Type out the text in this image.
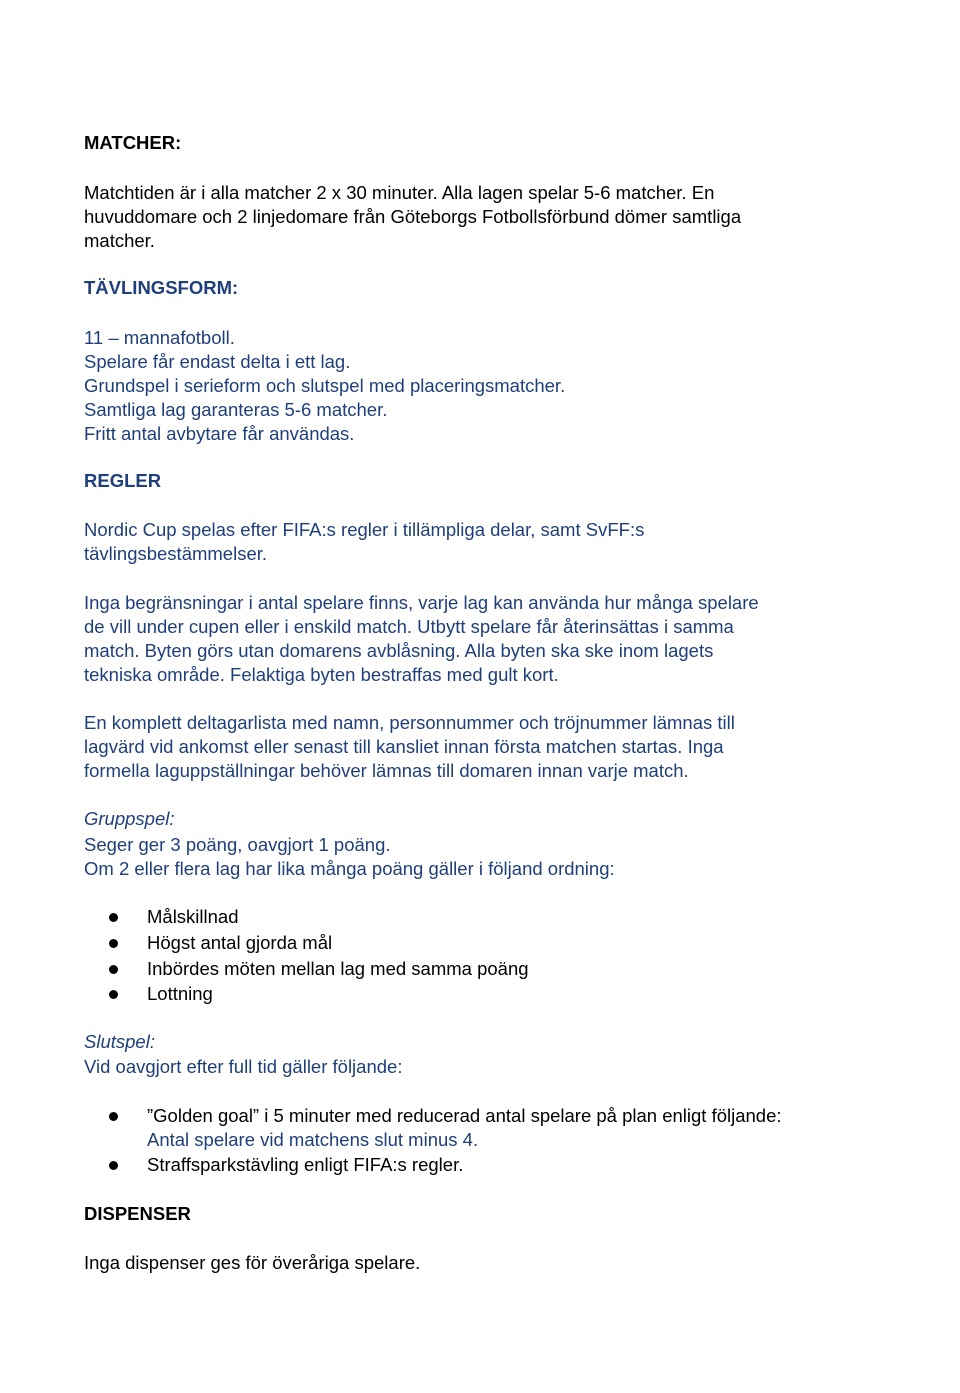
MATCHER:
Matchtiden är i alla matcher 2 x 30 minuter. Alla lagen spelar 5-6 matcher. En
huvuddomare och 2 linjedomare från Göteborgs Fotbollsförbund dömer samtliga
matcher.
TÄVLINGSFORM:
11 – mannafotboll.
Spelare får endast delta i ett lag.
Grundspel i serieform och slutspel med placeringsmatcher.
Samtliga lag garanteras 5-6 matcher.
Fritt antal avbytare får användas.
REGLER
Nordic Cup spelas efter FIFA:s regler i tillämpliga delar, samt SvFF:s
tävlingsbestämmelser.
Inga begränsningar i antal spelare finns, varje lag kan använda hur många spelare
de vill under cupen eller i enskild match. Utbytt spelare får återinsättas i samma
match. Byten görs utan domarens avblåsning. Alla byten ska ske inom lagets
tekniska område. Felaktiga byten bestraffas med gult kort.
En komplett deltagarlista med namn, personnummer och tröjnummer lämnas till
lagvärd vid ankomst eller senast till kansliet innan första matchen startas. Inga
formella laguppställningar behöver lämnas till domaren innan varje match.
Gruppspel:
Seger ger 3 poäng, oavgjort 1 poäng.
Om 2 eller flera lag har lika många poäng gäller i följand ordning:
Målskillnad
Högst antal gjorda mål
Inbördes möten mellan lag med samma poäng
Lottning
Slutspel:
Vid oavgjort efter full tid gäller följande:
”Golden goal” i 5 minuter med reducerad antal spelare på plan enligt följande:
Antal spelare vid matchens slut minus 4.
Straffsparkstävling enligt FIFA:s regler.
DISPENSER
Inga dispenser ges för överåriga spelare.
